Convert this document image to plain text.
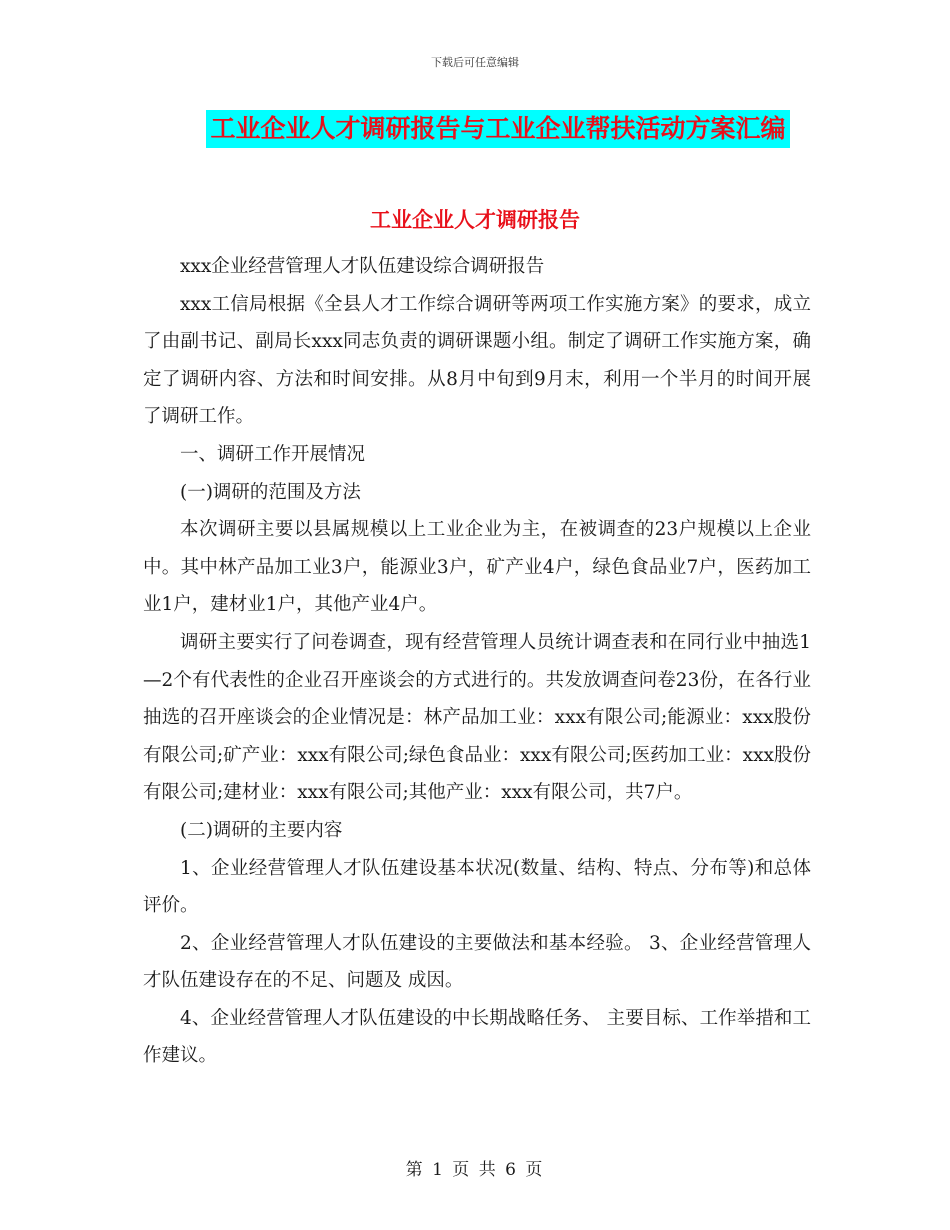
下载后可任意编辑
工业企业人才调研报告与工业企业帮扶活动方案汇编
工业企业人才调研报告

xxx企业经营管理人才队伍建设综合调研报告

xxx工信局根据《全县人才工作综合调研等两项工作实施方案》的要求，成立了由副书记、副局长xxx同志负责的调研课题小组。制定了调研工作实施方案，确定了调研内容、方法和时间安排。从8月中旬到9月末，利用一个半月的时间开展了调研工作。

一、调研工作开展情况

(一)调研的范围及方法

本次调研主要以县属规模以上工业企业为主，在被调查的23户规模以上企业中。其中林产品加工业3户，能源业3户，矿产业4户，绿色食品业7户，医药加工业1户，建材业1户，其他产业4户。

调研主要实行了问卷调查，现有经营管理人员统计调查表和在同行业中抽选1—2个有代表性的企业召开座谈会的方式进行的。共发放调查问卷23份，在各行业抽选的召开座谈会的企业情况是：林产品加工业：xxx有限公司;能源业：xxx股份有限公司;矿产业：xxx有限公司;绿色食品业：xxx有限公司;医药加工业：xxx股份有限公司;建材业：xxx有限公司;其他产业：xxx有限公司，共7户。

(二)调研的主要内容

1、企业经营管理人才队伍建设基本状况(数量、结构、特点、分布等)和总体评价。

2、企业经营管理人才队伍建设的主要做法和基本经验。 3、企业经营管理人才队伍建设存在的不足、问题及 成因。

4、企业经营管理人才队伍建设的中长期战略任务、 主要目标、工作举措和工作建议。

第 1 页 共 6 页
